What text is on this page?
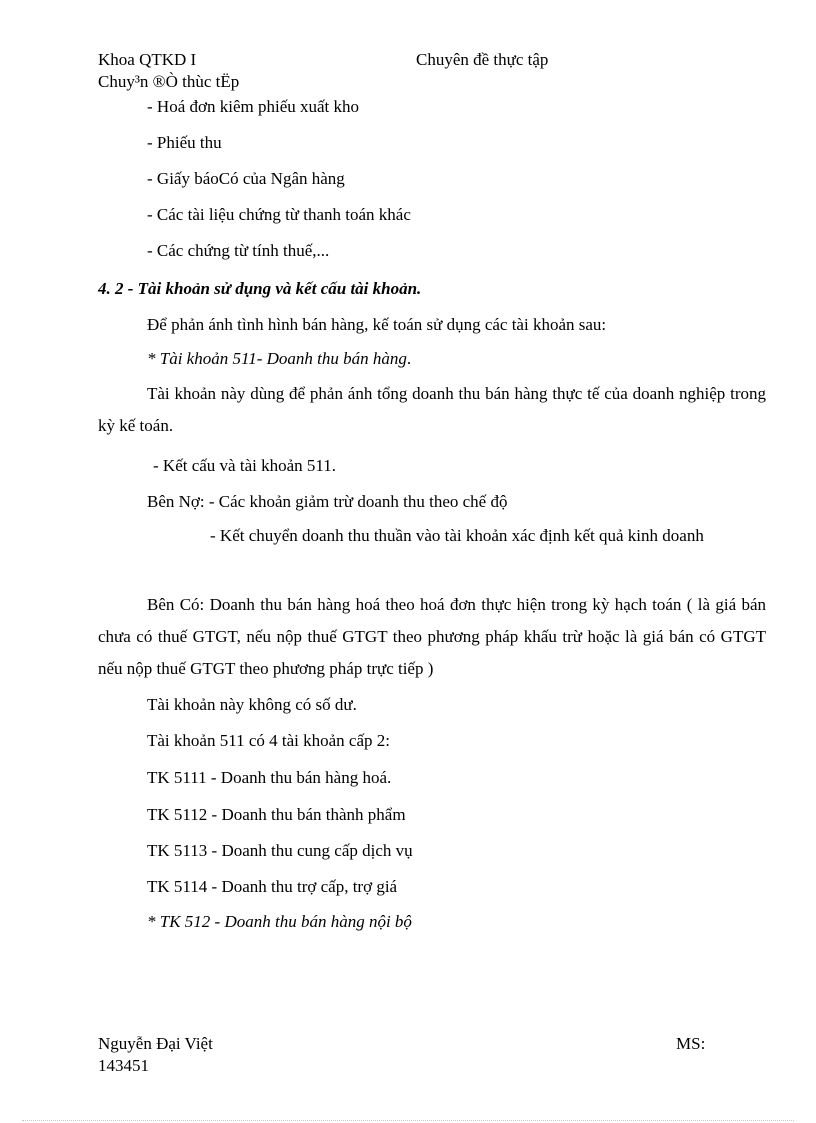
Khoa QTKD I	Chuyên đề thực tập
Chuy³n ®Ò thùc tËp
- Hoá đơn kiêm phiếu xuất kho
- Phiếu thu
- Giấy báoCó của Ngân hàng
- Các tài liệu chứng từ thanh toán khác
- Các chứng từ tính thuế,...
4. 2 - Tài khoản sử dụng và kết cấu tài khoản.
Để phản ánh tình hình bán hàng, kế toán sử dụng các tài khoản sau:
* Tài khoản 511- Doanh thu bán hàng.
Tài khoản này dùng để phản ánh tổng doanh thu bán hàng thực tế của doanh nghiệp trong kỳ kế toán.
- Kết cấu và tài khoản 511.
Bên Nợ: - Các khoản giảm trừ doanh thu theo chế độ
- Kết chuyển doanh thu thuần vào tài khoản xác định kết quả kinh doanh
Bên Có: Doanh thu bán hàng hoá theo hoá đơn thực hiện trong kỳ hạch toán ( là giá bán chưa có thuế GTGT, nếu nộp thuế GTGT theo phương pháp khấu trừ hoặc là giá bán có GTGT nếu nộp thuế GTGT theo phương pháp trực tiếp )
Tài khoản này không có số dư.
Tài khoản 511 có 4 tài khoản cấp 2:
TK 5111 - Doanh thu bán hàng hoá.
TK 5112 - Doanh thu bán thành phẩm
TK 5113 - Doanh thu cung cấp dịch vụ
TK 5114 - Doanh thu trợ cấp, trợ giá
* TK 512 - Doanh thu bán hàng nội bộ
Nguyễn Đại Việt	MS:
143451
